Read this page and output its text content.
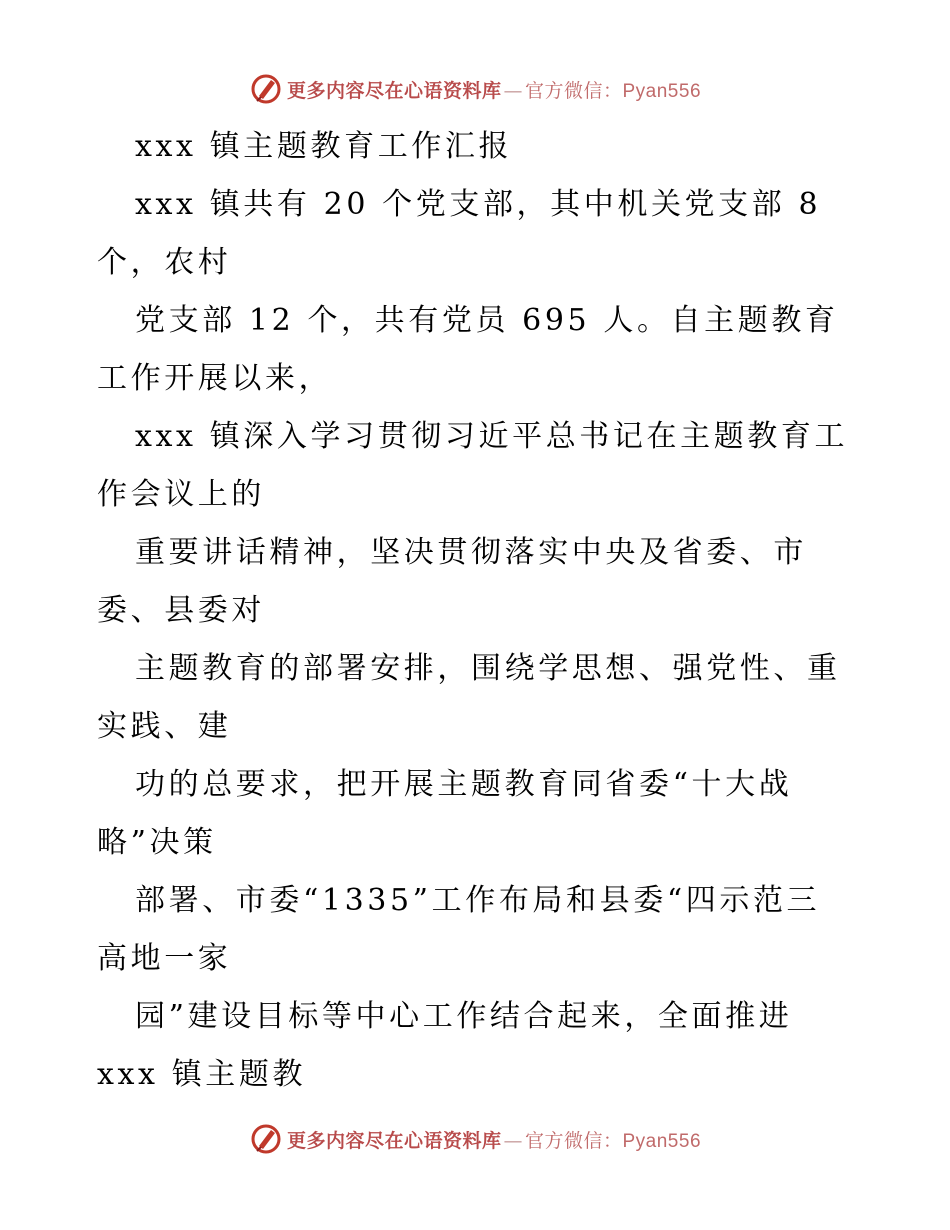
更多内容尽在心语资料库 — 官方微信：Pyan556
xxx 镇主题教育工作汇报
xxx 镇共有 20 个党支部，其中机关党支部 8
个，农村
党支部 12 个，共有党员 695 人。自主题教育
工作开展以来，
xxx 镇深入学习贯彻习近平总书记在主题教育工
作会议上的
重要讲话精神，坚决贯彻落实中央及省委、市
委、县委对
主题教育的部署安排，围绕学思想、强党性、重
实践、建
功的总要求，把开展主题教育同省委“十大战
略”决策
部署、市委“1335”工作布局和县委“四示范三
高地一家
园”建设目标等中心工作结合起来，全面推进
xxx 镇主题教
更多内容尽在心语资料库 — 官方微信：Pyan556
